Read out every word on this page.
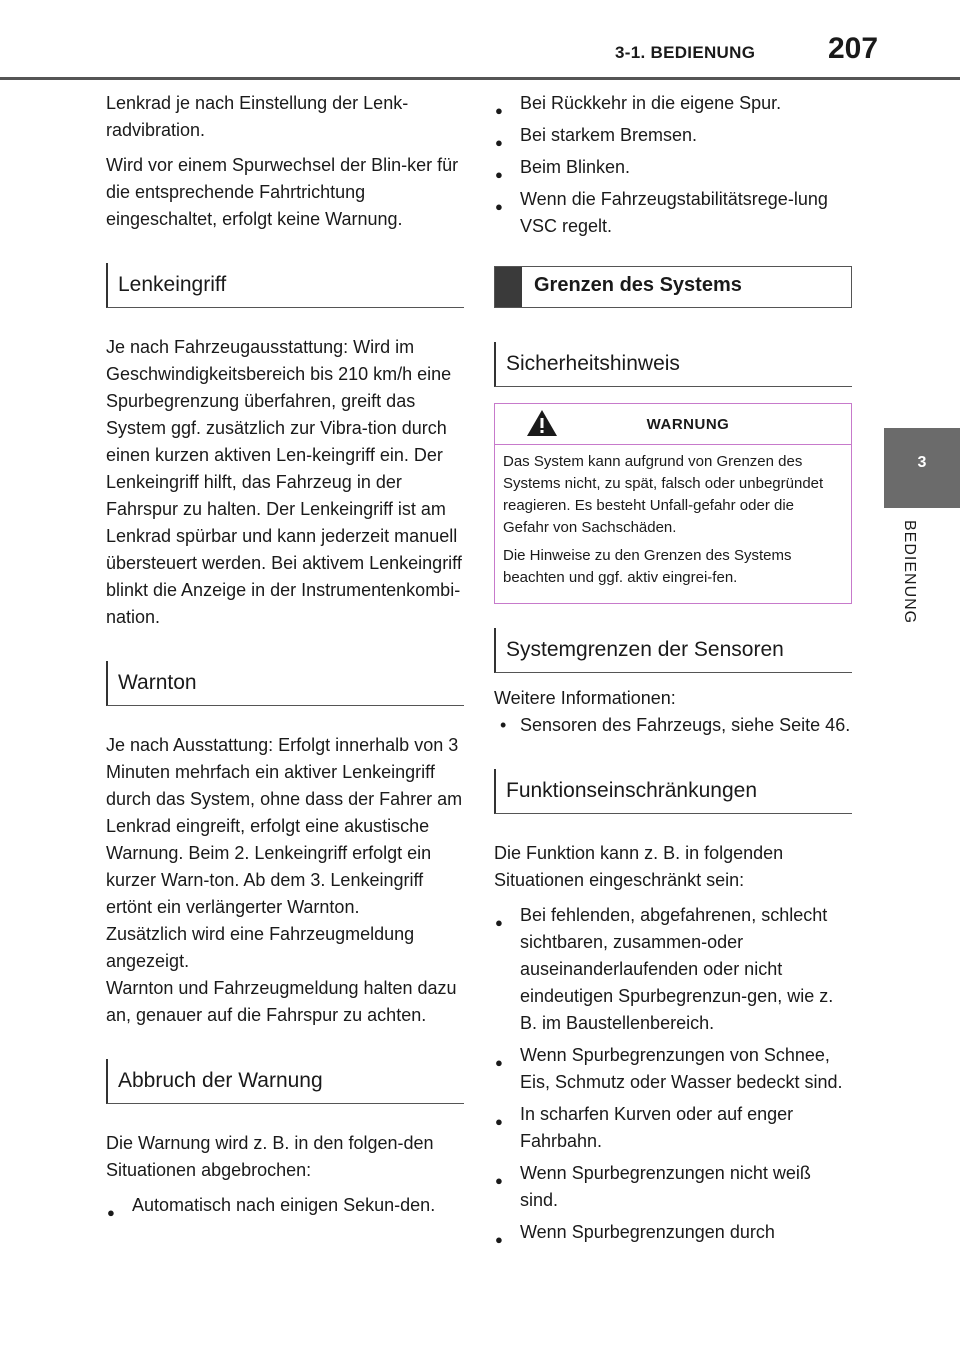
3-1. BEDIENUNG 207
3
BEDIENUNG

Lenkrad je nach Einstellung der Lenk-radvibration.

Wird vor einem Spurwechsel der Blin-ker für die entsprechende Fahrtrichtung eingeschaltet, erfolgt keine Warnung.

Lenkeingriff

Je nach Fahrzeugausstattung: Wird im Geschwindigkeitsbereich bis 210 km/h eine Spurbegrenzung überfahren, greift das System ggf. zusätzlich zur Vibra-tion durch einen kurzen aktiven Len-keingriff ein. Der Lenkeingriff hilft, das Fahrzeug in der Fahrspur zu halten. Der Lenkeingriff ist am Lenkrad spürbar und kann jederzeit manuell übersteuert werden. Bei aktivem Lenkeingriff blinkt die Anzeige in der Instrumentenkombi-nation.

Warnton

Je nach Ausstattung: Erfolgt innerhalb von 3 Minuten mehrfach ein aktiver Lenkeingriff durch das System, ohne dass der Fahrer am Lenkrad eingreift, erfolgt eine akustische Warnung. Beim 2. Lenkeingriff erfolgt ein kurzer Warn-ton. Ab dem 3. Lenkeingriff ertönt ein verlängerter Warnton.

Zusätzlich wird eine Fahrzeugmeldung angezeigt.

Warnton und Fahrzeugmeldung halten dazu an, genauer auf die Fahrspur zu achten.

Abbruch der Warnung

Die Warnung wird z. B. in den folgen-den Situationen abgebrochen:

● Automatisch nach einigen Sekun-den.
● Bei Rückkehr in die eigene Spur.
● Bei starkem Bremsen.
● Beim Blinken.
● Wenn die Fahrzeugstabilitätsrege-lung VSC regelt.
Grenzen des Systems
Sicherheitshinweis
WARNUNG

Das System kann aufgrund von Grenzen des Systems nicht, zu spät, falsch oder unbegründet reagieren. Es besteht Unfall-gefahr oder die Gefahr von Sachschäden.

Die Hinweise zu den Grenzen des Systems beachten und ggf. aktiv eingrei-fen.

Systemgrenzen der Sensoren

Weitere Informationen:

• Sensoren des Fahrzeugs, siehe Seite 46.
Funktionseinschränkungen

Die Funktion kann z. B. in folgenden Situationen eingeschränkt sein:

● Bei fehlenden, abgefahrenen, schlecht sichtbaren, zusammen-oder auseinanderlaufenden oder nicht eindeutigen Spurbegrenzun-gen, wie z. B. im Baustellenbereich.
● Wenn Spurbegrenzungen von Schnee, Eis, Schmutz oder Wasser bedeckt sind.
● In scharfen Kurven oder auf enger Fahrbahn.
● Wenn Spurbegrenzungen nicht weiß sind.
● Wenn Spurbegrenzungen durch
